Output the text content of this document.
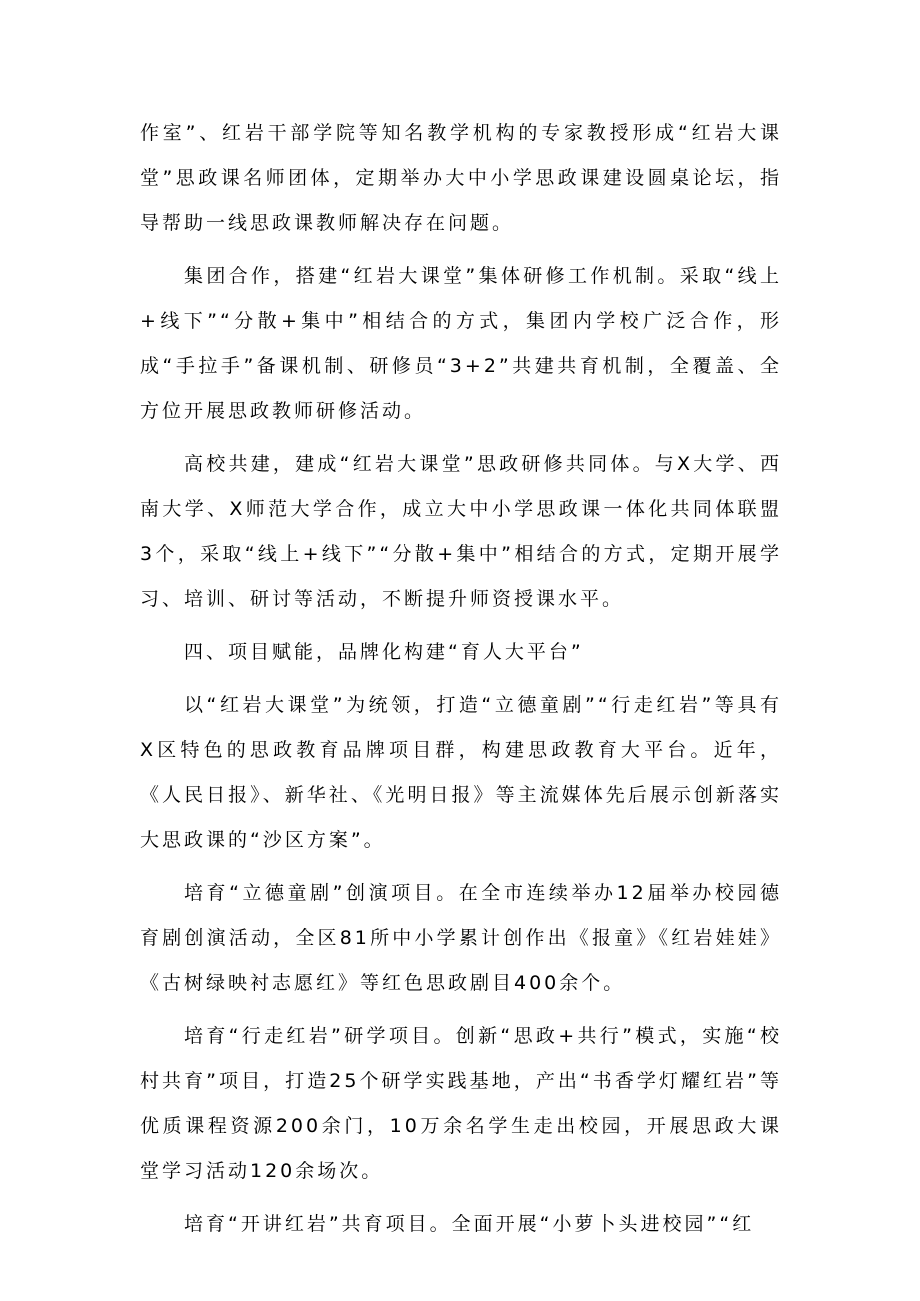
作室”、红岩干部学院等知名教学机构的专家教授形成“红岩大课堂”思政课名师团体，定期举办大中小学思政课建设圆桌论坛，指导帮助一线思政课教师解决存在问题。

集团合作，搭建“红岩大课堂”集体研修工作机制。采取“线上+线下”“分散+集中”相结合的方式，集团内学校广泛合作，形成“手拉手”备课机制、研修员“3+2”共建共育机制，全覆盖、全方位开展思政教师研修活动。

高校共建，建成“红岩大课堂”思政研修共同体。与X大学、西南大学、X师范大学合作，成立大中小学思政课一体化共同体联盟3个，采取“线上+线下”“分散+集中”相结合的方式，定期开展学习、培训、研讨等活动，不断提升师资授课水平。

四、项目赋能，品牌化构建“育人大平台”

以“红岩大课堂”为统领，打造“立德童剧”“行走红岩”等具有X区特色的思政教育品牌项目群，构建思政教育大平台。近年，《人民日报》、新华社、《光明日报》等主流媒体先后展示创新落实大思政课的“沙区方案”。

培育“立德童剧”创演项目。在全市连续举办12届举办校园德育剧创演活动，全区81所中小学累计创作出《报童》《红岩娃娃》《古树绿映衬志愿红》等红色思政剧目400余个。

培育“行走红岩”研学项目。创新“思政+共行”模式，实施“校村共育”项目，打造25个研学实践基地，产出“书香学灯耀红岩”等优质课程资源200余门，10万余名学生走出校园，开展思政大课堂学习活动120余场次。

培育“开讲红岩”共育项目。全面开展“小萝卜头进校园”“红
